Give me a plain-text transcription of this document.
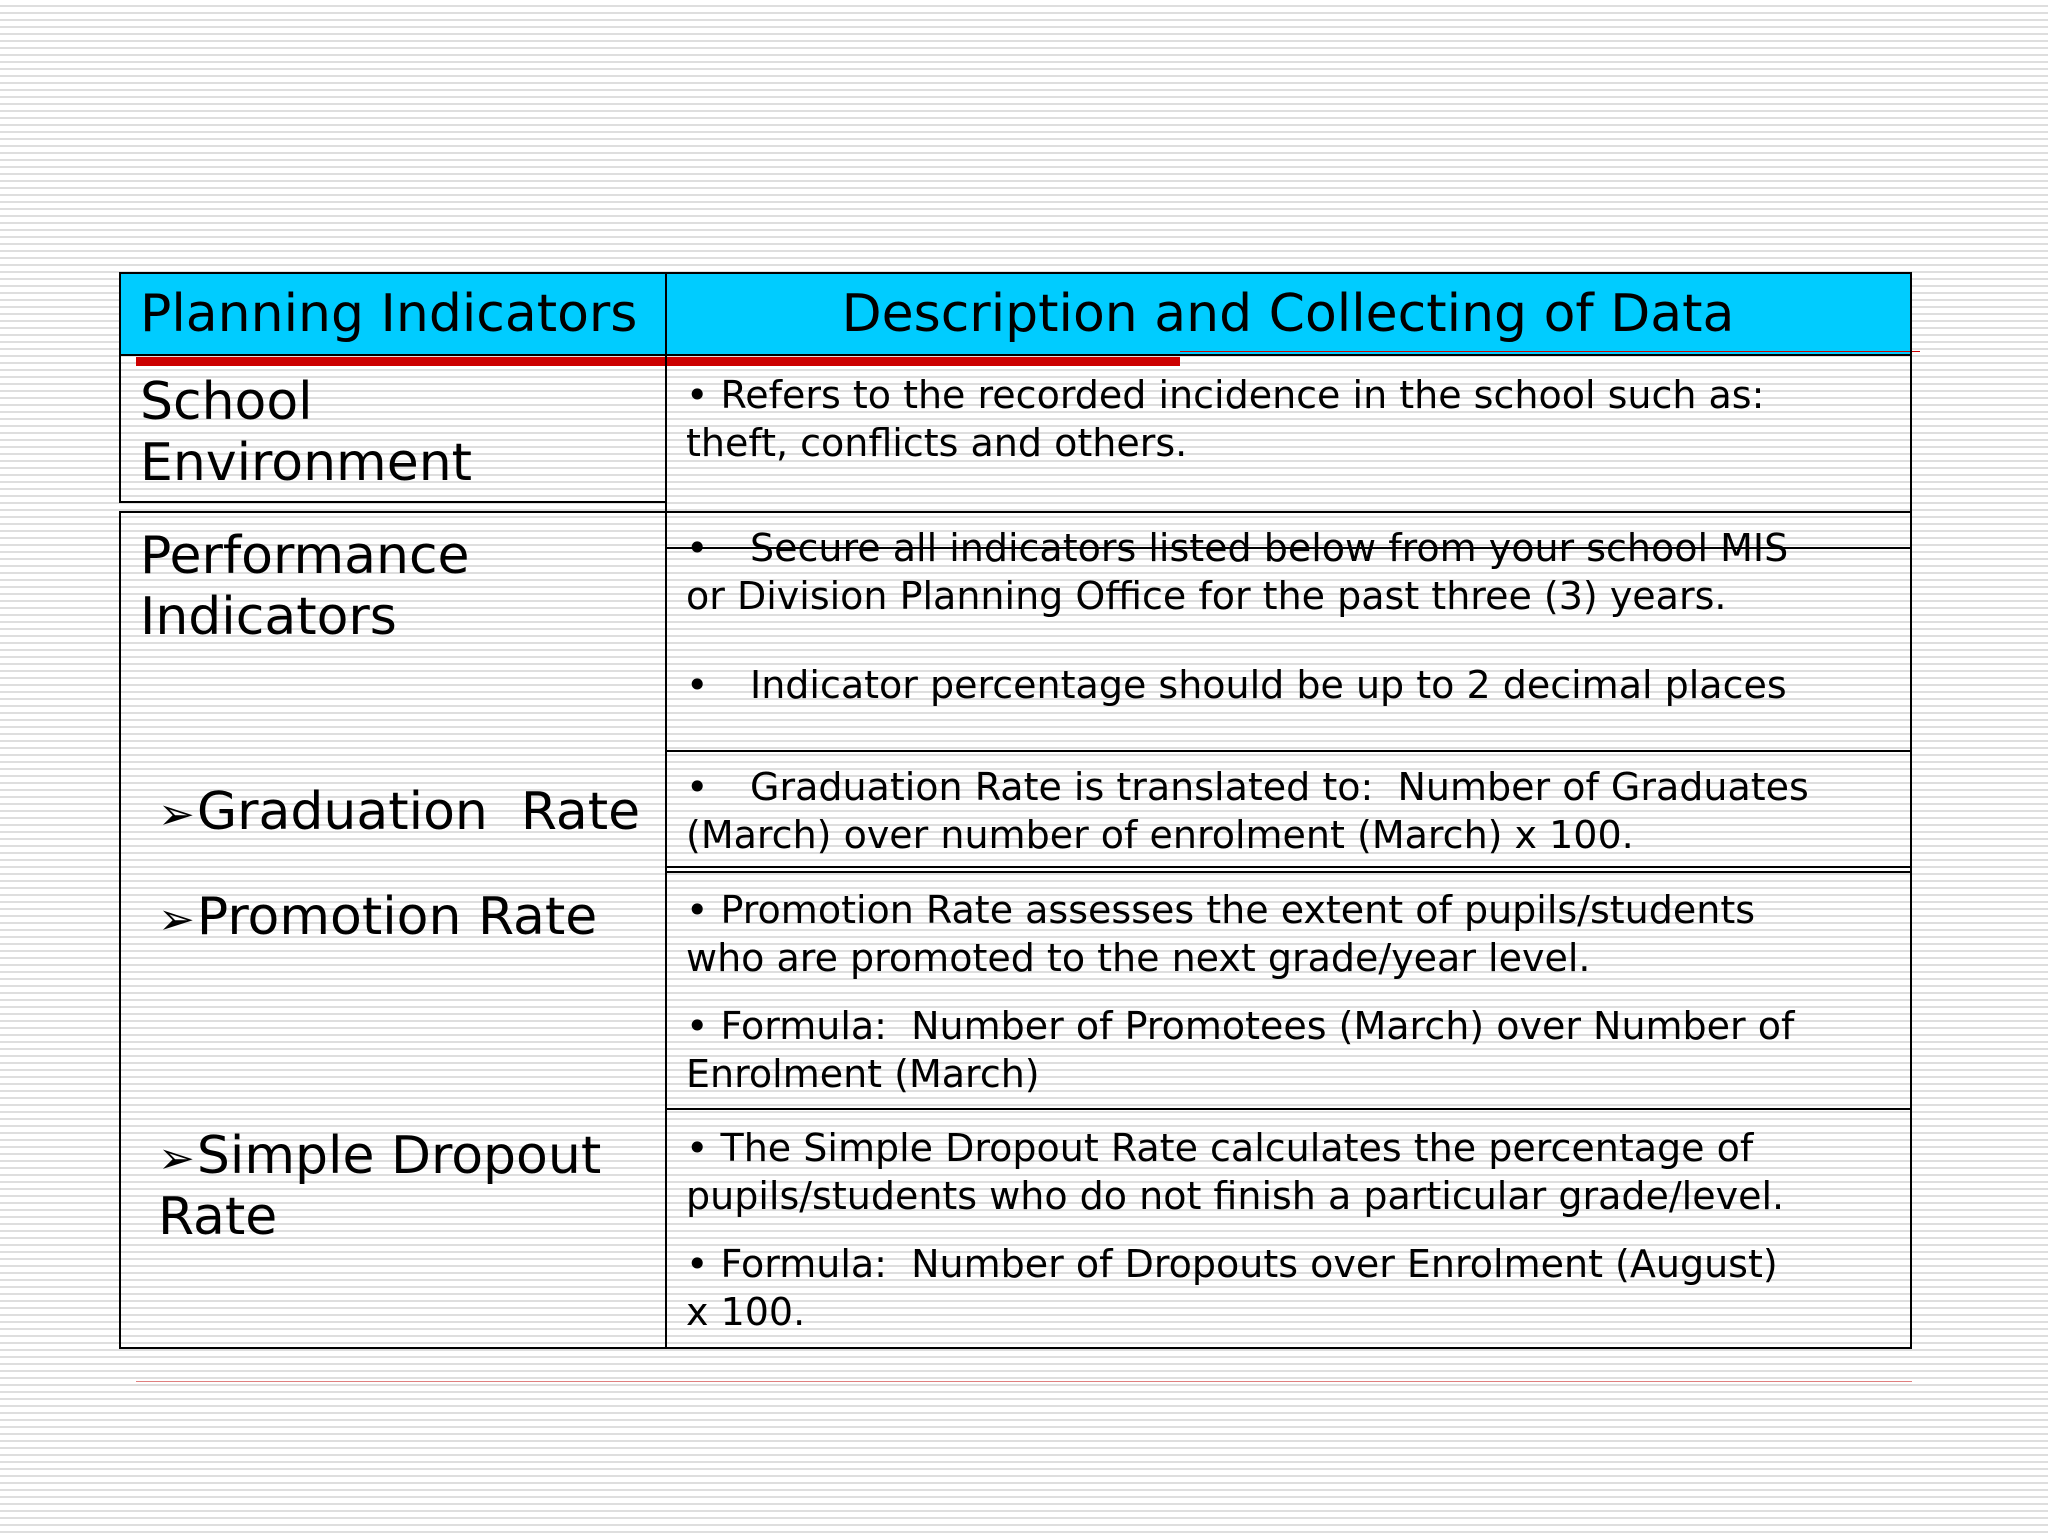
Planning Indicators	Description and Collecting of Data
School
Environment
• Refers to the recorded incidence in the school such as:
theft, conflicts and others.
Performance
Indicators
• Secure all indicators listed below from your school MIS
or Division Planning Office for the past three (3) years.
• Indicator percentage should be up to 2 decimal places
➢Graduation  Rate • Graduation Rate is translated to:  Number of Graduates
(March) over number of enrolment (March) x 100.
➢Promotion Rate • Promotion Rate assesses the extent of pupils/students
who are promoted to the next grade/year level.
• Formula:  Number of Promotees (March) over Number of
Enrolment (March)
➢Simple Dropout
Rate
• The Simple Dropout Rate calculates the percentage of
pupils/students who do not finish a particular grade/level.
• Formula:  Number of Dropouts over Enrolment (August)
x 100.
